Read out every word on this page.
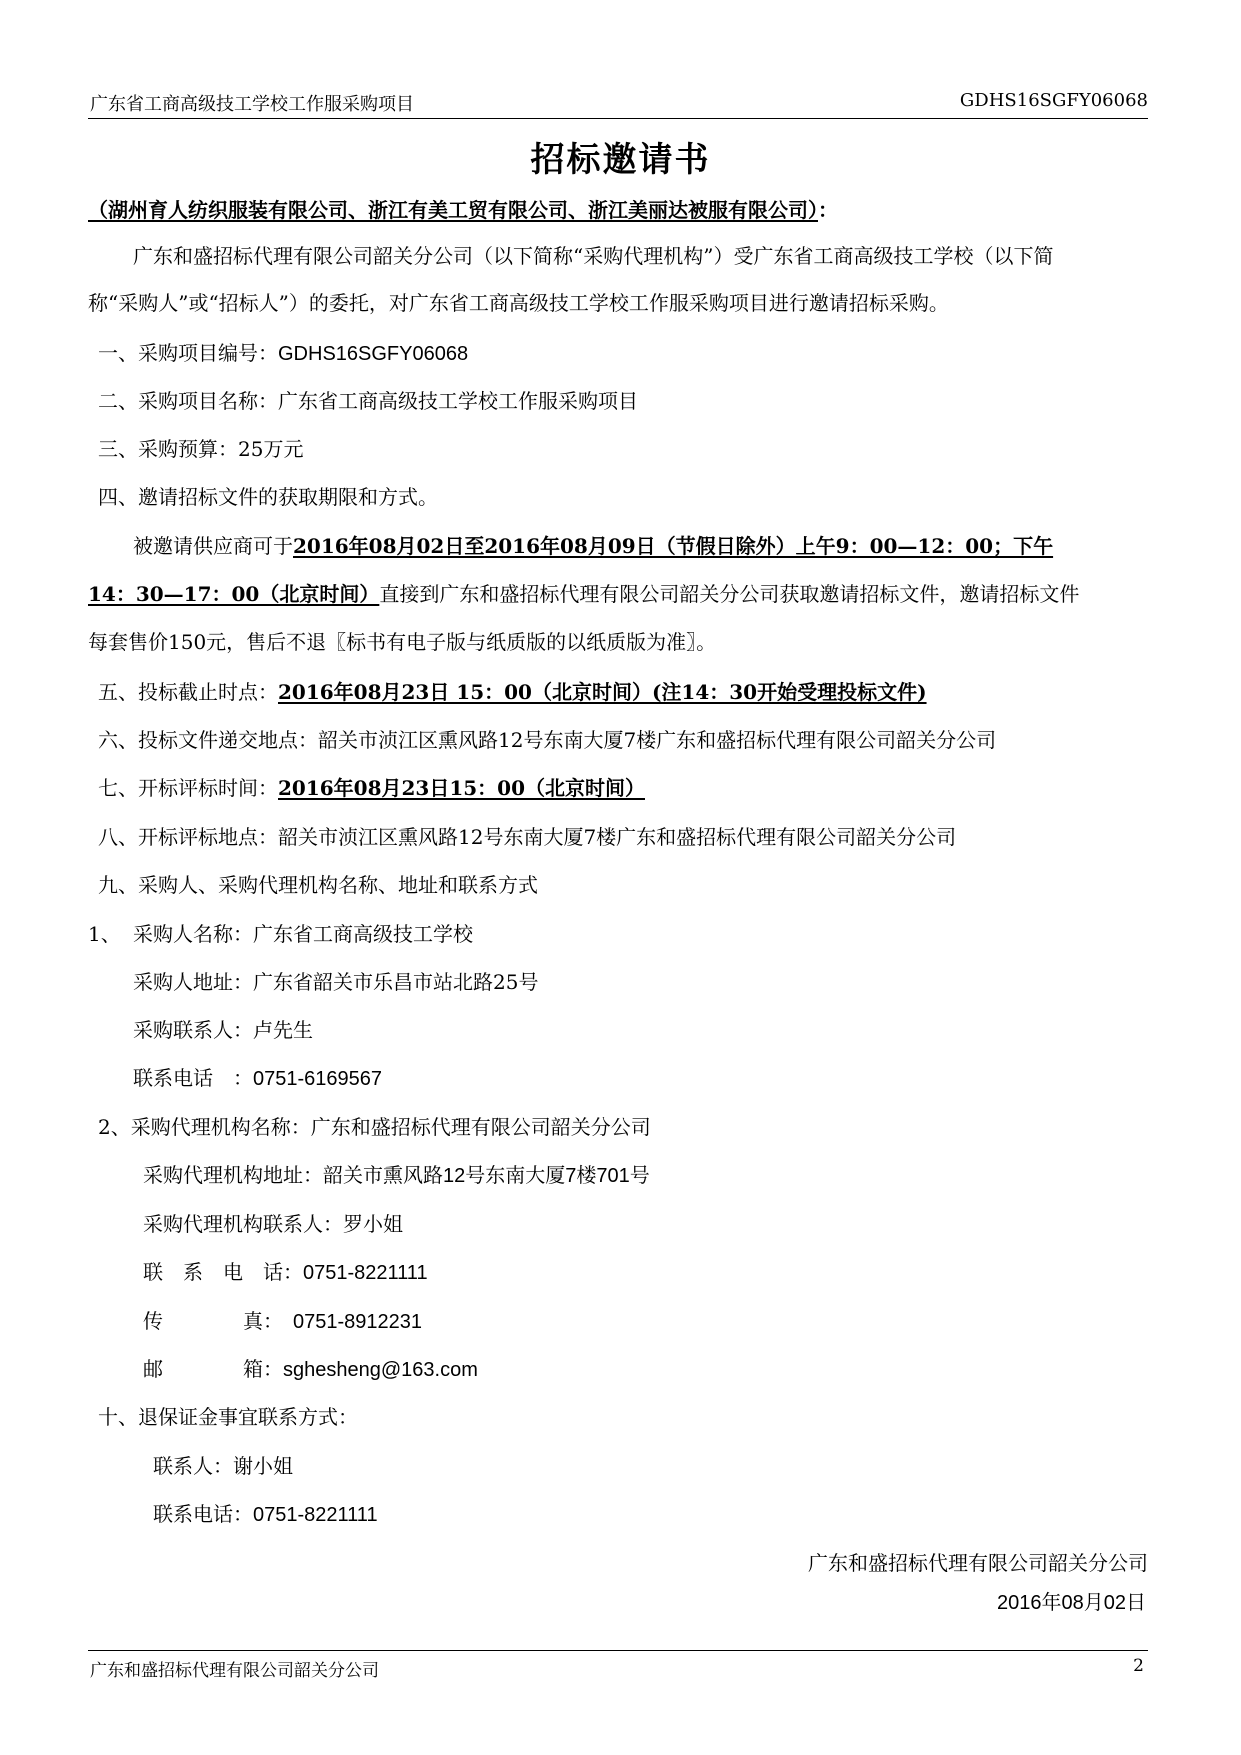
广东省工商高级技工学校工作服采购项目	GDHS16SGFY06068
招标邀请书
（湖州育人纺织服装有限公司、浙江有美工贸有限公司、浙江美丽达被服有限公司）：
广东和盛招标代理有限公司韶关分公司（以下简称“采购代理机构”）受广东省工商高级技工学校（以下简
称“采购人”或“招标人”）的委托，对广东省工商高级技工学校工作服采购项目进行邀请招标采购。
一、采购项目编号：GDHS16SGFY06068
二、采购项目名称：广东省工商高级技工学校工作服采购项目
三、采购预算：25万元
四、邀请招标文件的获取期限和方式。
被邀请供应商可于2016年08月02日至2016年08月09日（节假日除外）上午9：00—12：00；下午
14：30—17：00（北京时间）直接到广东和盛招标代理有限公司韶关分公司获取邀请招标文件，邀请招标文件
每套售价150元，售后不退〖标书有电子版与纸质版的以纸质版为准〗。
五、投标截止时点：2016年08月23日 15：00（北京时间）(注14：30开始受理投标文件)
六、投标文件递交地点：韶关市浈江区熏风路12号东南大厦7楼广东和盛招标代理有限公司韶关分公司
七、开标评标时间：2016年08月23日15：00（北京时间）
八、开标评标地点：韶关市浈江区熏风路12号东南大厦7楼广东和盛招标代理有限公司韶关分公司
九、采购人、采购代理机构名称、地址和联系方式
1、 采购人名称：广东省工商高级技工学校
采购人地址：广东省韶关市乐昌市站北路25号
采购联系人：卢先生
联系电话　：0751-6169567
2、采购代理机构名称：广东和盛招标代理有限公司韶关分公司
采购代理机构地址：韶关市熏风路12号东南大厦7楼701号
采购代理机构联系人：罗小姐
联　系　电　话：0751-8221111
传　　　　真： 0751-8912231
邮　　　　箱：sghesheng@163.com
十、退保证金事宜联系方式：
联系人：谢小姐
联系电话：0751-8221111
广东和盛招标代理有限公司韶关分公司
2016年08月02日
广东和盛招标代理有限公司韶关分公司	2
